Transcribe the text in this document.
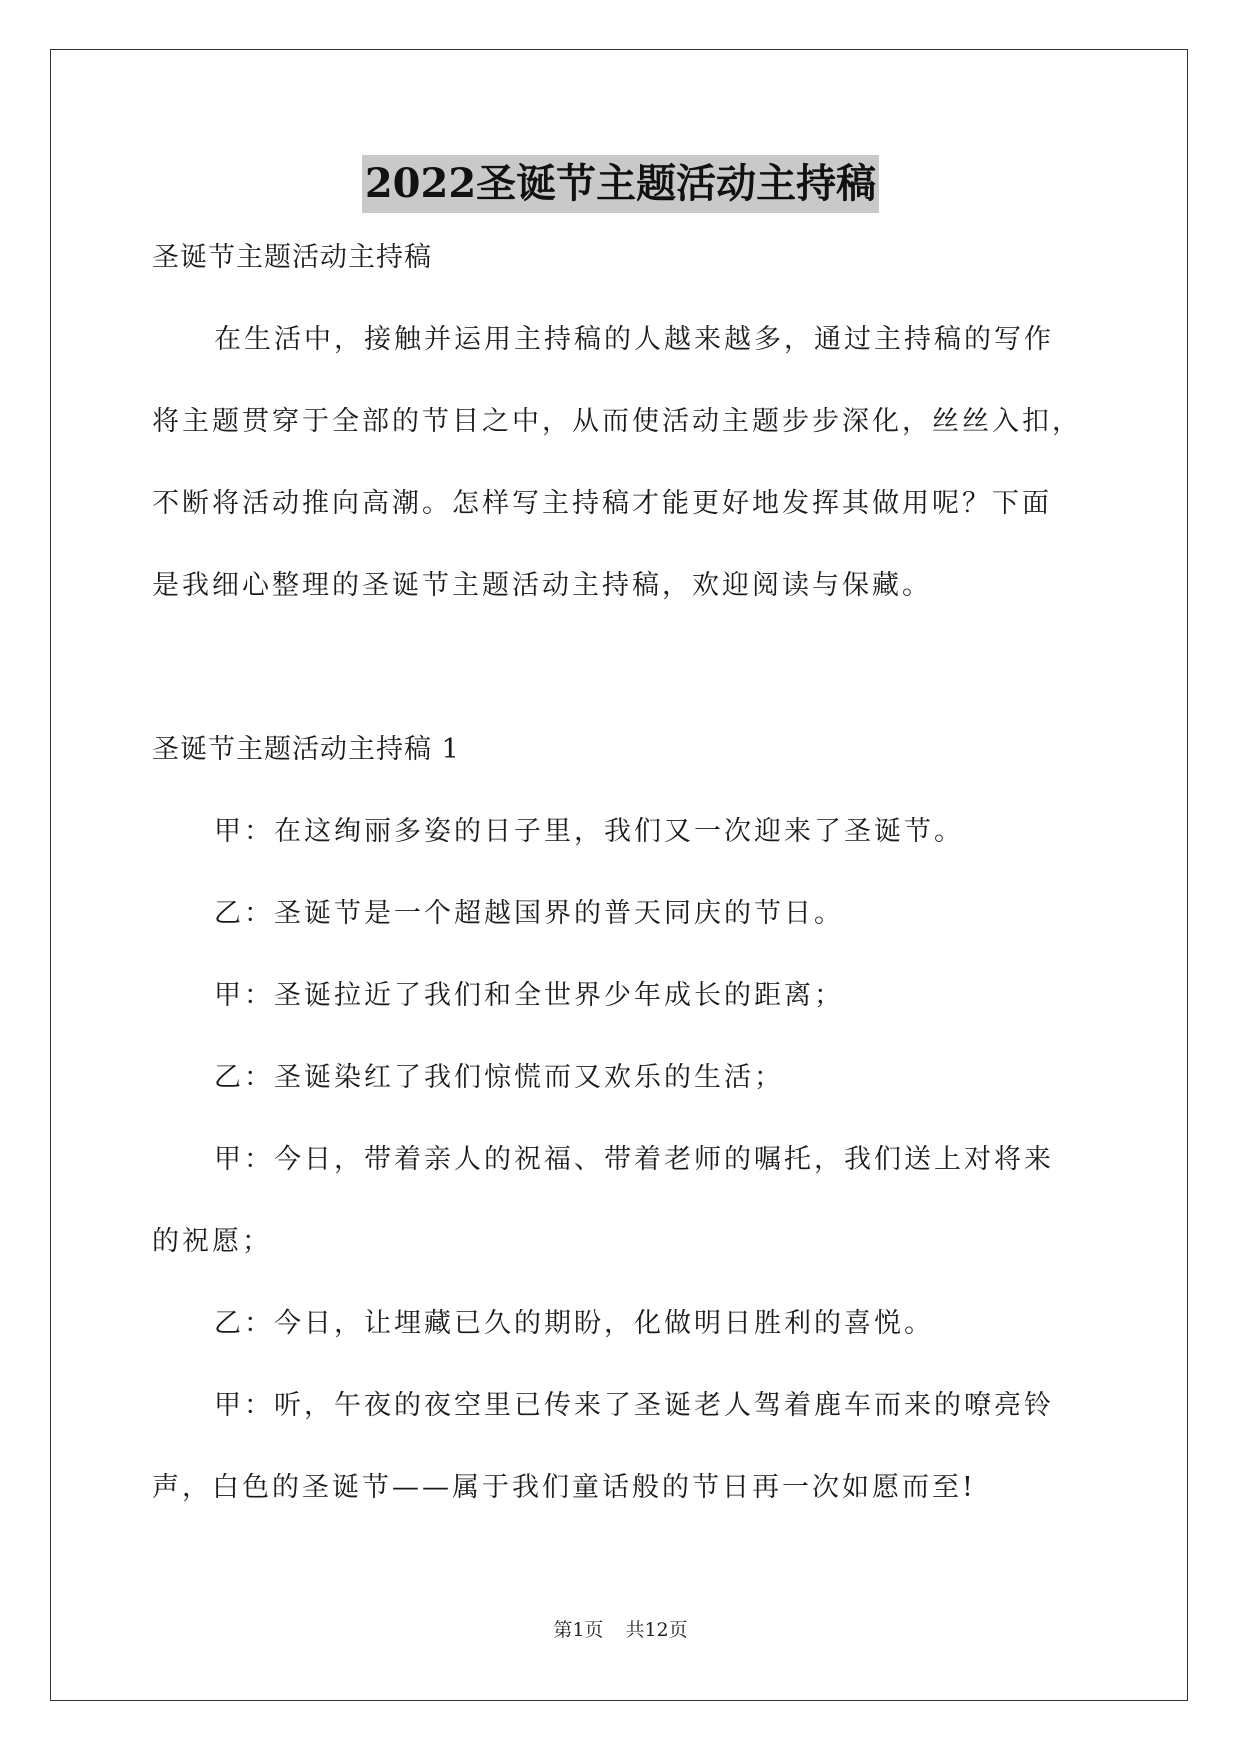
2022圣诞节主题活动主持稿
圣诞节主题活动主持稿
在生活中，接触并运用主持稿的人越来越多，通过主持稿的写作
将主题贯穿于全部的节目之中，从而使活动主题步步深化，丝丝入扣，
不断将活动推向高潮。怎样写主持稿才能更好地发挥其做用呢？下面
是我细心整理的圣诞节主题活动主持稿，欢迎阅读与保藏。
圣诞节主题活动主持稿 1
甲：在这绚丽多姿的日子里，我们又一次迎来了圣诞节。
乙：圣诞节是一个超越国界的普天同庆的节日。
甲：圣诞拉近了我们和全世界少年成长的距离；
乙：圣诞染红了我们惊慌而又欢乐的生活；
甲：今日，带着亲人的祝福、带着老师的嘱托，我们送上对将来
的祝愿；
乙：今日，让埋藏已久的期盼，化做明日胜利的喜悦。
甲：听，午夜的夜空里已传来了圣诞老人驾着鹿车而来的嘹亮铃
声，白色的圣诞节——属于我们童话般的节日再一次如愿而至!
第1页 共12页
